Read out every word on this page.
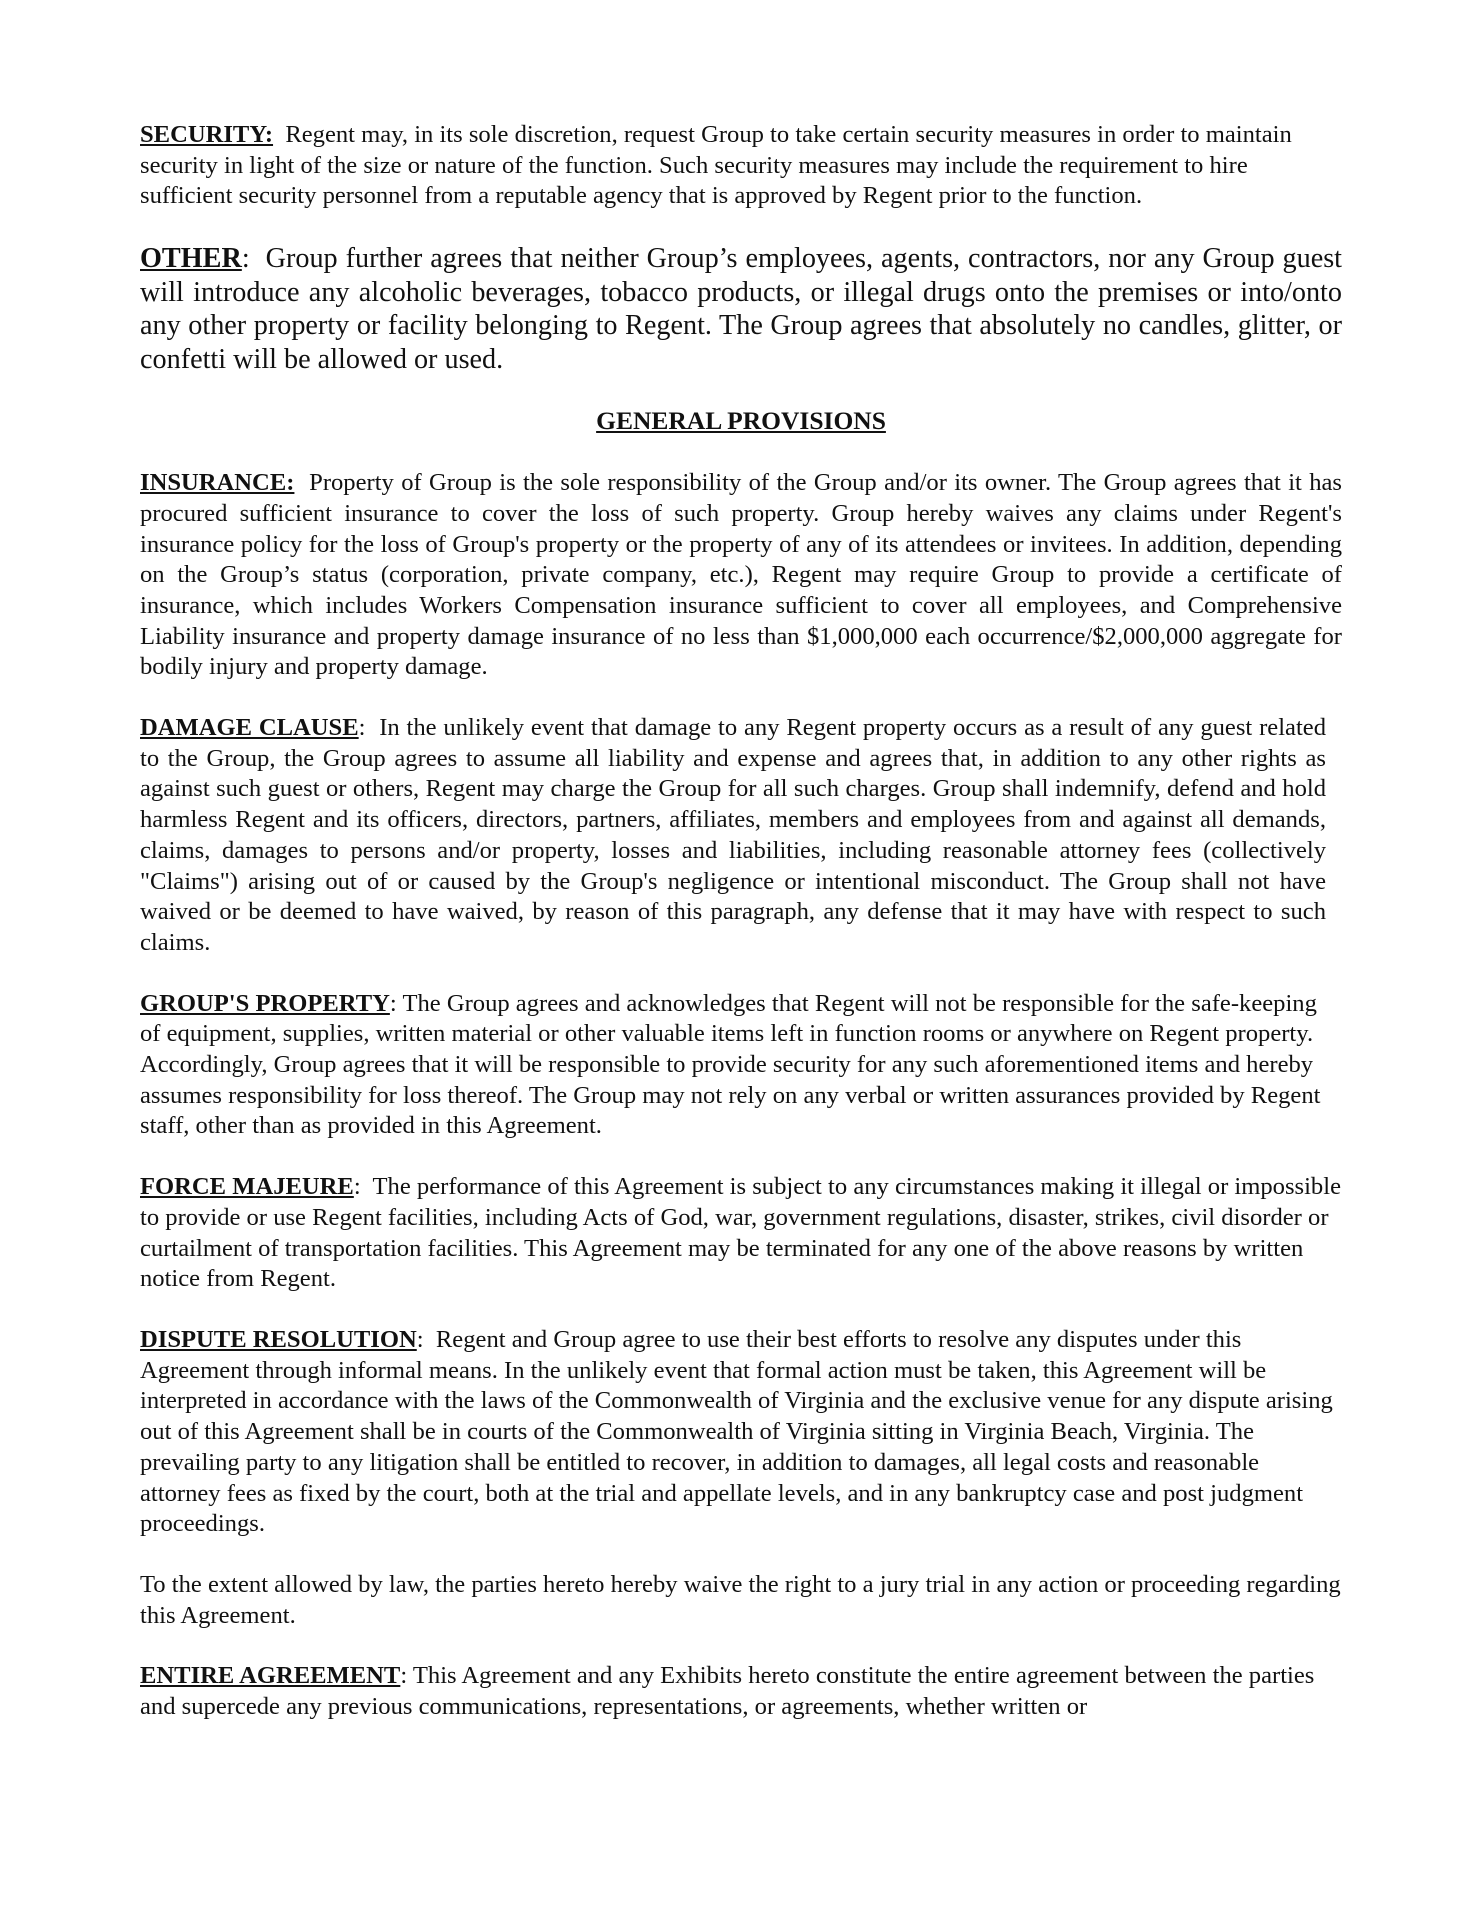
SECURITY: Regent may, in its sole discretion, request Group to take certain security measures in order to maintain security in light of the size or nature of the function. Such security measures may include the requirement to hire sufficient security personnel from a reputable agency that is approved by Regent prior to the function.

OTHER: Group further agrees that neither Group’s employees, agents, contractors, nor any Group guest will introduce any alcoholic beverages, tobacco products, or illegal drugs onto the premises or into/onto any other property or facility belonging to Regent. The Group agrees that absolutely no candles, glitter, or confetti will be allowed or used.

GENERAL PROVISIONS

INSURANCE: Property of Group is the sole responsibility of the Group and/or its owner. The Group agrees that it has procured sufficient insurance to cover the loss of such property. Group hereby waives any claims under Regent's insurance policy for the loss of Group's property or the property of any of its attendees or invitees. In addition, depending on the Group’s status (corporation, private company, etc.), Regent may require Group to provide a certificate of insurance, which includes Workers Compensation insurance sufficient to cover all employees, and Comprehensive Liability insurance and property damage insurance of no less than $1,000,000 each occurrence/$2,000,000 aggregate for bodily injury and property damage.

DAMAGE CLAUSE: In the unlikely event that damage to any Regent property occurs as a result of any guest related to the Group, the Group agrees to assume all liability and expense and agrees that, in addition to any other rights as against such guest or others, Regent may charge the Group for all such charges. Group shall indemnify, defend and hold harmless Regent and its officers, directors, partners, affiliates, members and employees from and against all demands, claims, damages to persons and/or property, losses and liabilities, including reasonable attorney fees (collectively "Claims") arising out of or caused by the Group's negligence or intentional misconduct. The Group shall not have waived or be deemed to have waived, by reason of this paragraph, any defense that it may have with respect to such claims.

GROUP'S PROPERTY: The Group agrees and acknowledges that Regent will not be responsible for the safe-keeping of equipment, supplies, written material or other valuable items left in function rooms or anywhere on Regent property. Accordingly, Group agrees that it will be responsible to provide security for any such aforementioned items and hereby assumes responsibility for loss thereof. The Group may not rely on any verbal or written assurances provided by Regent staff, other than as provided in this Agreement.

FORCE MAJEURE: The performance of this Agreement is subject to any circumstances making it illegal or impossible to provide or use Regent facilities, including Acts of God, war, government regulations, disaster, strikes, civil disorder or curtailment of transportation facilities. This Agreement may be terminated for any one of the above reasons by written notice from Regent.

DISPUTE RESOLUTION: Regent and Group agree to use their best efforts to resolve any disputes under this Agreement through informal means. In the unlikely event that formal action must be taken, this Agreement will be interpreted in accordance with the laws of the Commonwealth of Virginia and the exclusive venue for any dispute arising out of this Agreement shall be in courts of the Commonwealth of Virginia sitting in Virginia Beach, Virginia. The prevailing party to any litigation shall be entitled to recover, in addition to damages, all legal costs and reasonable attorney fees as fixed by the court, both at the trial and appellate levels, and in any bankruptcy case and post judgment proceedings.

To the extent allowed by law, the parties hereto hereby waive the right to a jury trial in any action or proceeding regarding this Agreement.

ENTIRE AGREEMENT: This Agreement and any Exhibits hereto constitute the entire agreement between the parties and supercede any previous communications, representations, or agreements, whether written or
